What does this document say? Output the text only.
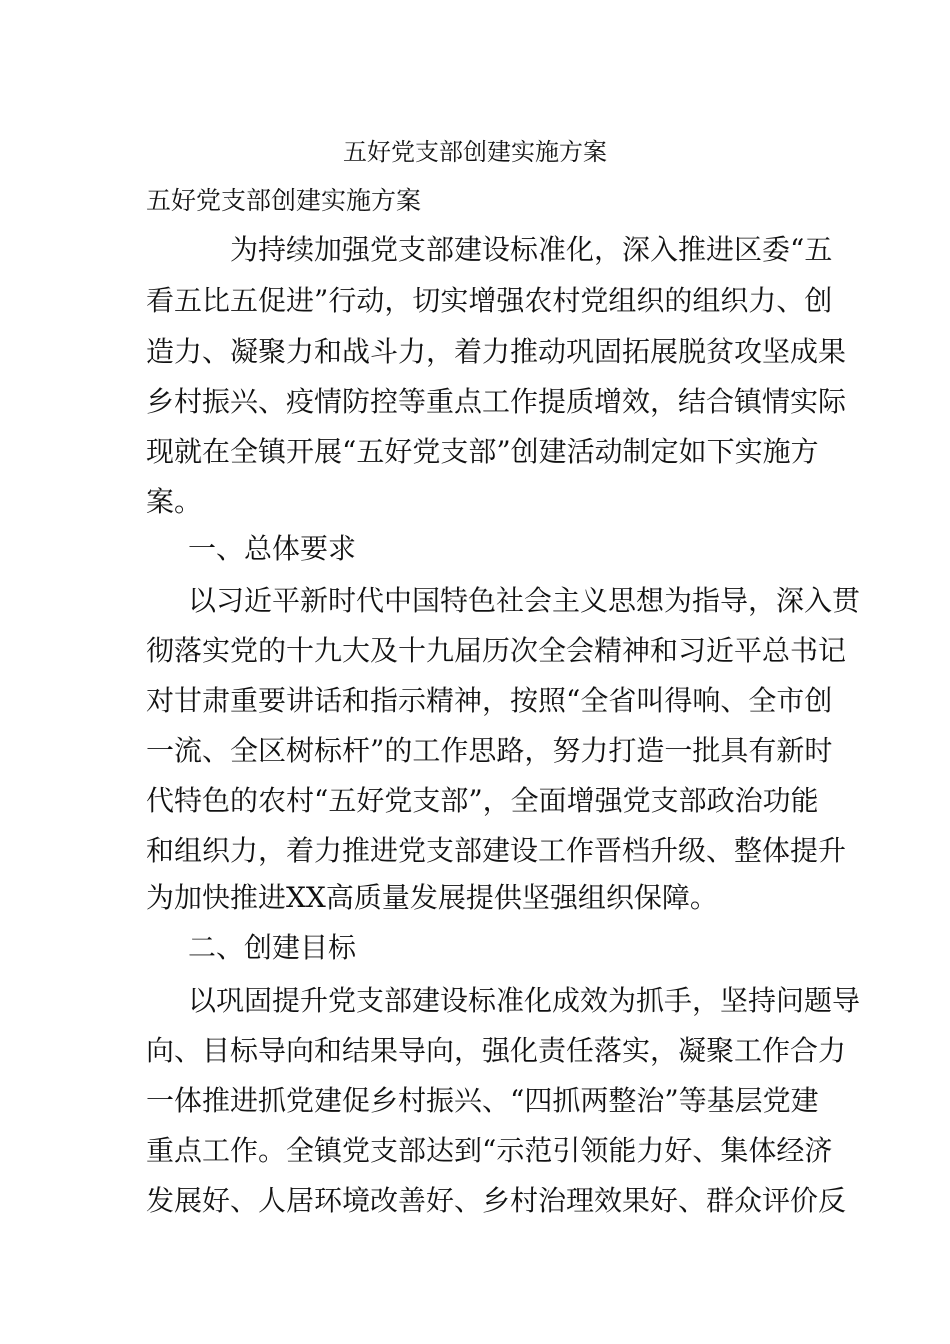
五好党支部创建实施方案
五好党支部创建实施方案
为持续加强党支部建设标准化，深入推进区委“五
看五比五促进”行动，切实增强农村党组织的组织力、创
造力、凝聚力和战斗力，着力推动巩固拓展脱贫攻坚成果
乡村振兴、疫情防控等重点工作提质增效，结合镇情实际
现就在全镇开展“五好党支部”创建活动制定如下实施方
案。
一、总体要求
以习近平新时代中国特色社会主义思想为指导，深入贯
彻落实党的十九大及十九届历次全会精神和习近平总书记
对甘肃重要讲话和指示精神，按照“全省叫得响、全市创
一流、全区树标杆”的工作思路，努力打造一批具有新时
代特色的农村“五好党支部”，全面增强党支部政治功能
和组织力，着力推进党支部建设工作晋档升级、整体提升
为加快推进XX高质量发展提供坚强组织保障。
二、创建目标
以巩固提升党支部建设标准化成效为抓手，坚持问题导
向、目标导向和结果导向，强化责任落实，凝聚工作合力
一体推进抓党建促乡村振兴、“四抓两整治”等基层党建
重点工作。全镇党支部达到“示范引领能力好、集体经济
发展好、人居环境改善好、乡村治理效果好、群众评价反
